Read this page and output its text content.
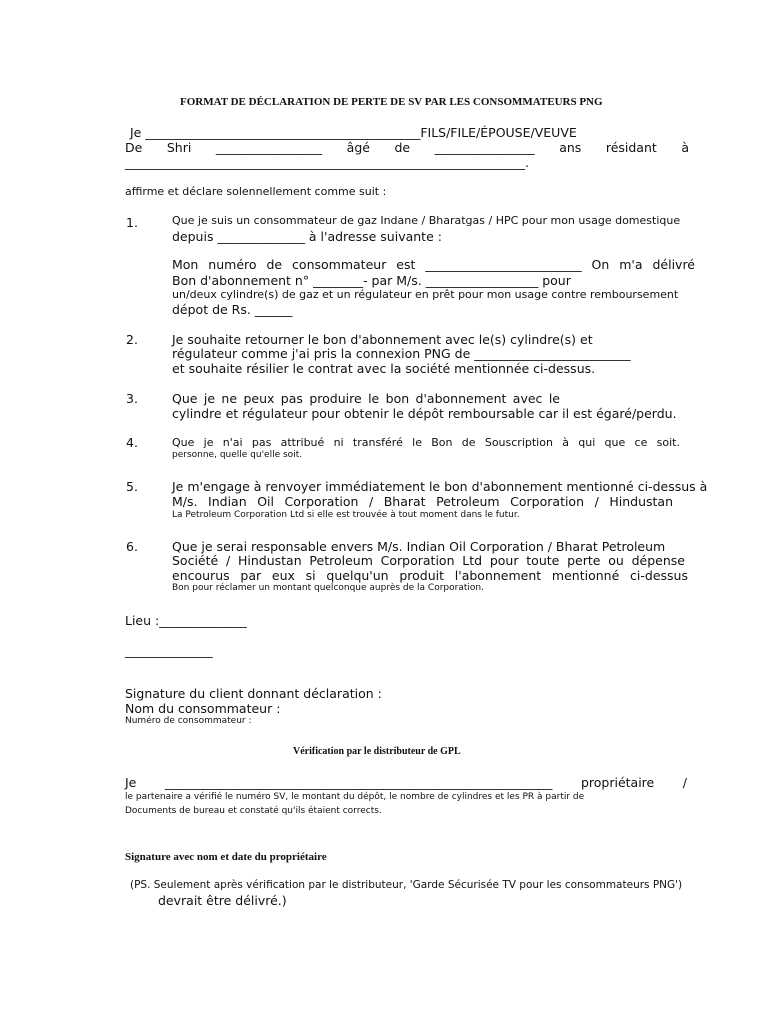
FORMAT DE DÉCLARATION DE PERTE DE SV PAR LES CONSOMMATEURS PNG
Je ____________________________________________FILS/FILE/ÉPOUSE/VEUVE
De Shri _________________ âgé de ________________ ans résidant à
________________________________________________________________.
affirme et déclare solennellement comme suit :
1.	Que je suis un consommateur de gaz Indane / Bharatgas / HPC pour mon usage domestique
depuis ______________ à l'adresse suivante :
Mon numéro de consommateur est _________________________ On m'a délivré
Bon d'abonnement n° ________- par M/s. __________________ pour
un/deux cylindre(s) de gaz et un régulateur en prêt pour mon usage contre remboursement
dépot de Rs. ______
2.	Je souhaite retourner le bon d'abonnement avec le(s) cylindre(s) et
régulateur comme j'ai pris la connexion PNG de _________________________
et souhaite résilier le contrat avec la société mentionnée ci-dessus.
3.	Que je ne peux pas produire le bon d'abonnement avec le
cylindre et régulateur pour obtenir le dépôt remboursable car il est égaré/perdu.
4.	Que je n'ai pas attribué ni transféré le Bon de Souscription à qui que ce soit.
personne, quelle qu'elle soit.
5.	Je m'engage à renvoyer immédiatement le bon d'abonnement mentionné ci-dessus à
M/s. Indian Oil Corporation / Bharat Petroleum Corporation / Hindustan
La Petroleum Corporation Ltd si elle est trouvée à tout moment dans le futur.
6.	Que je serai responsable envers M/s. Indian Oil Corporation / Bharat Petroleum
Société / Hindustan Petroleum Corporation Ltd pour toute perte ou dépense
encourus par eux si quelqu'un produit l'abonnement mentionné ci-dessus
Bon pour réclamer un montant quelconque auprès de la Corporation.
Lieu :______________
______________
Signature du client donnant déclaration :
Nom du consommateur :
Numéro de consommateur :
Vérification par le distributeur de GPL
Je ______________________________________________________________ propriétaire /
le partenaire a vérifié le numéro SV, le montant du dépôt, le nombre de cylindres et les PR à partir de
Documents de bureau et constaté qu'ils étaient corrects.
Signature avec nom et date du propriétaire
(PS. Seulement après vérification par le distributeur, 'Garde Sécurisée TV pour les consommateurs PNG')
devrait être délivré.)
